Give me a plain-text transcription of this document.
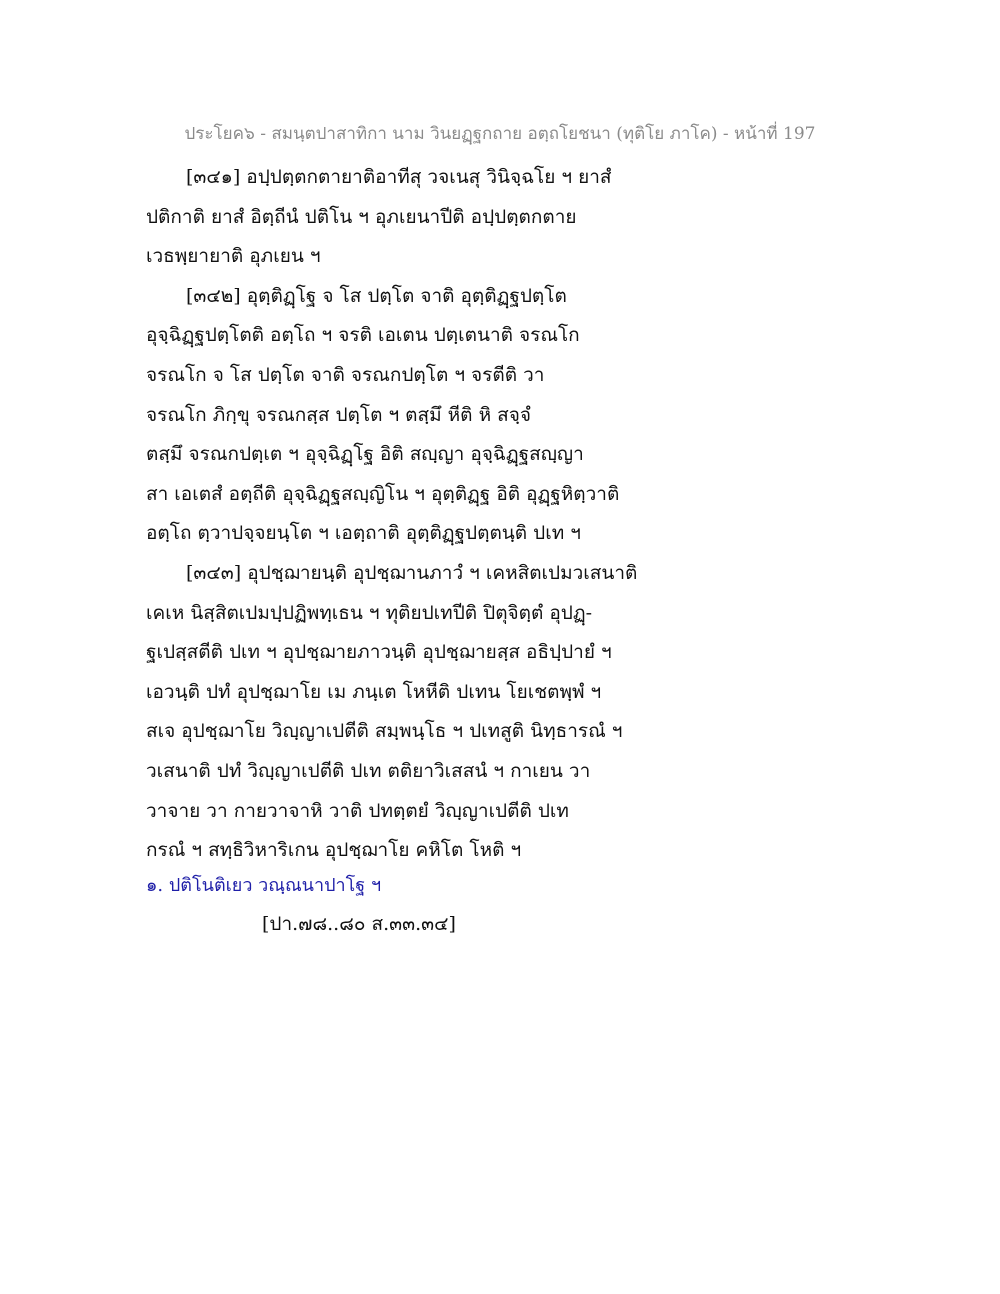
ประโยค๖ - สมนฺตปาสาทิกา นาม วินยฏฺฐกถาย อตฺถโยชนา (ทุติโย ภาโค) - หน้าที่ 197
[๓๔๑] อปฺปตฺตกตายาติอาทีสุ วจเนสุ วินิจฺฉโย ฯ ยาสํ
ปติกาติ ยาสํ อิตฺถีนํ ปติโน ฯ อุภเยนาปีติ อปฺปตฺตกตาย
เวธพฺยายาติ อุภเยน ฯ
[๓๔๒] อุตฺติฏฺโฐ จ โส ปตฺโต จาติ อุตฺติฏฺฐปตฺโต
อุจฺฉิฏฺฐปตฺโตติ อตฺโถ ฯ จรติ เอเตน ปตฺเตนาติ จรณโก
จรณโก จ โส ปตฺโต จาติ จรณกปตฺโต ฯ จรตีติ วา
จรณโก ภิกฺขุ จรณกสฺส ปตฺโต ฯ ตสฺมึ หีติ หิ สจฺจํ
ตสฺมึ จรณกปตฺเต ฯ อุจฺฉิฏฺโฐ อิติ สญฺญา อุจฺฉิฏฺฐสญฺญา
สา เอเตสํ อตฺถีติ อุจฺฉิฏฺฐสญฺญิโน ฯ อุตฺติฏฺฐ อิติ อุฏฺฐหิตฺวาติ
อตฺโถ ตฺวาปจฺจยนฺโต ฯ เอตฺถาติ อุตฺติฏฺฐปตฺตนฺติ ปเท ฯ
[๓๔๓] อุปชฺฌายนฺติ อุปชฺฌานภาวํ ฯ เคหสิตเปมวเสนาติ
เคเห นิสฺสิตเปมปฺปฏิพทฺเธน ฯ ทุติยปเทปีติ ปิตุจิตฺตํ อุปฏฺ-
ฐเปสฺสตีติ ปเท ฯ อุปชฺฌายภาวนฺติ อุปชฺฌายสฺส อธิปฺปายํ ฯ
เอวนฺติ ปทํ อุปชฺฌาโย เม ภนฺเต โหหีติ ปเทน โยเชตพฺพํ ฯ
สเจ อุปชฺฌาโย วิญฺญาเปตีติ สมฺพนฺโธ ฯ ปเทสูติ นิทฺธารณํ ฯ
วเสนาติ ปทํ วิญฺญาเปตีติ ปเท ตติยาวิเสสนํ ฯ กาเยน วา
วาจาย วา กายวาจาหิ วาติ ปทตฺตยํ วิญฺญาเปตีติ ปเท
กรณํ ฯ สทฺธิวิหาริเกน อุปชฺฌาโย คหิโต โหติ ฯ
๑. ปติโนติเยว วณฺณนาปาโฐ ฯ
[ปา.๗๘..๘๐ ส.๓๓.๓๔]
